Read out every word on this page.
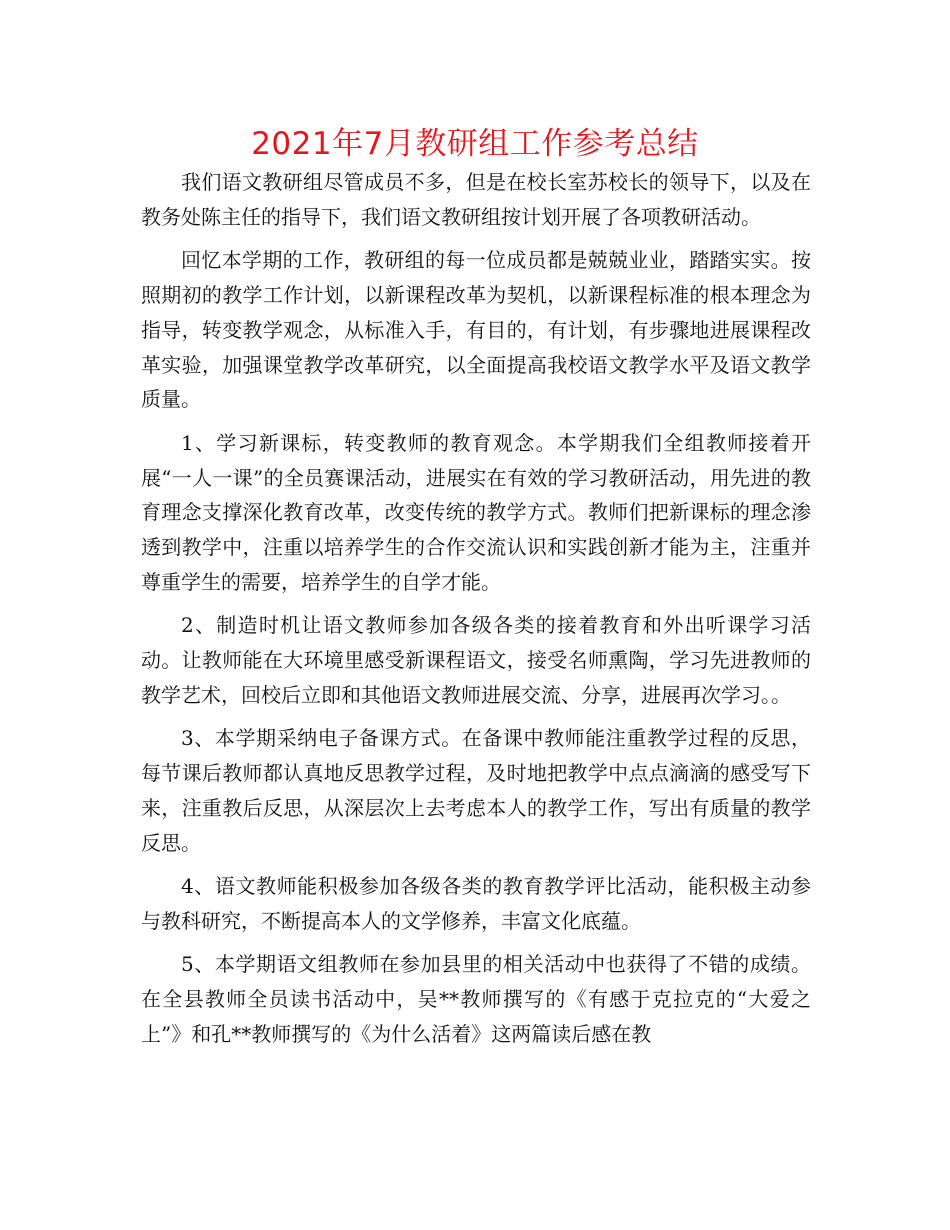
2021年7月教研组工作参考总结

我们语文教研组尽管成员不多，但是在校长室苏校长的领导下，以及在教务处陈主任的指导下，我们语文教研组按计划开展了各项教研活动。

回忆本学期的工作，教研组的每一位成员都是兢兢业业，踏踏实实。按照期初的教学工作计划，以新课程改革为契机，以新课程标准的根本理念为指导，转变教学观念，从标准入手，有目的，有计划，有步骤地进展课程改革实验，加强课堂教学改革研究，以全面提高我校语文教学水平及语文教学质量。

1、学习新课标，转变教师的教育观念。本学期我们全组教师接着开展“一人一课”的全员赛课活动，进展实在有效的学习教研活动，用先进的教育理念支撑深化教育改革，改变传统的教学方式。教师们把新课标的理念渗透到教学中，注重以培养学生的合作交流认识和实践创新才能为主，注重并尊重学生的需要，培养学生的自学才能。

2、制造时机让语文教师参加各级各类的接着教育和外出听课学习活动。让教师能在大环境里感受新课程语文，接受名师熏陶，学习先进教师的教学艺术，回校后立即和其他语文教师进展交流、分享，进展再次学习。。

3、本学期采纳电子备课方式。在备课中教师能注重教学过程的反思，每节课后教师都认真地反思教学过程，及时地把教学中点点滴滴的感受写下来，注重教后反思，从深层次上去考虑本人的教学工作，写出有质量的教学反思。

4、语文教师能积极参加各级各类的教育教学评比活动，能积极主动参与教科研究，不断提高本人的文学修养，丰富文化底蕴。

5、本学期语文组教师在参加县里的相关活动中也获得了不错的成绩。在全县教师全员读书活动中，吴**教师撰写的《有感于克拉克的“大爱之上”》和孔**教师撰写的《为什么活着》这两篇读后感在教
